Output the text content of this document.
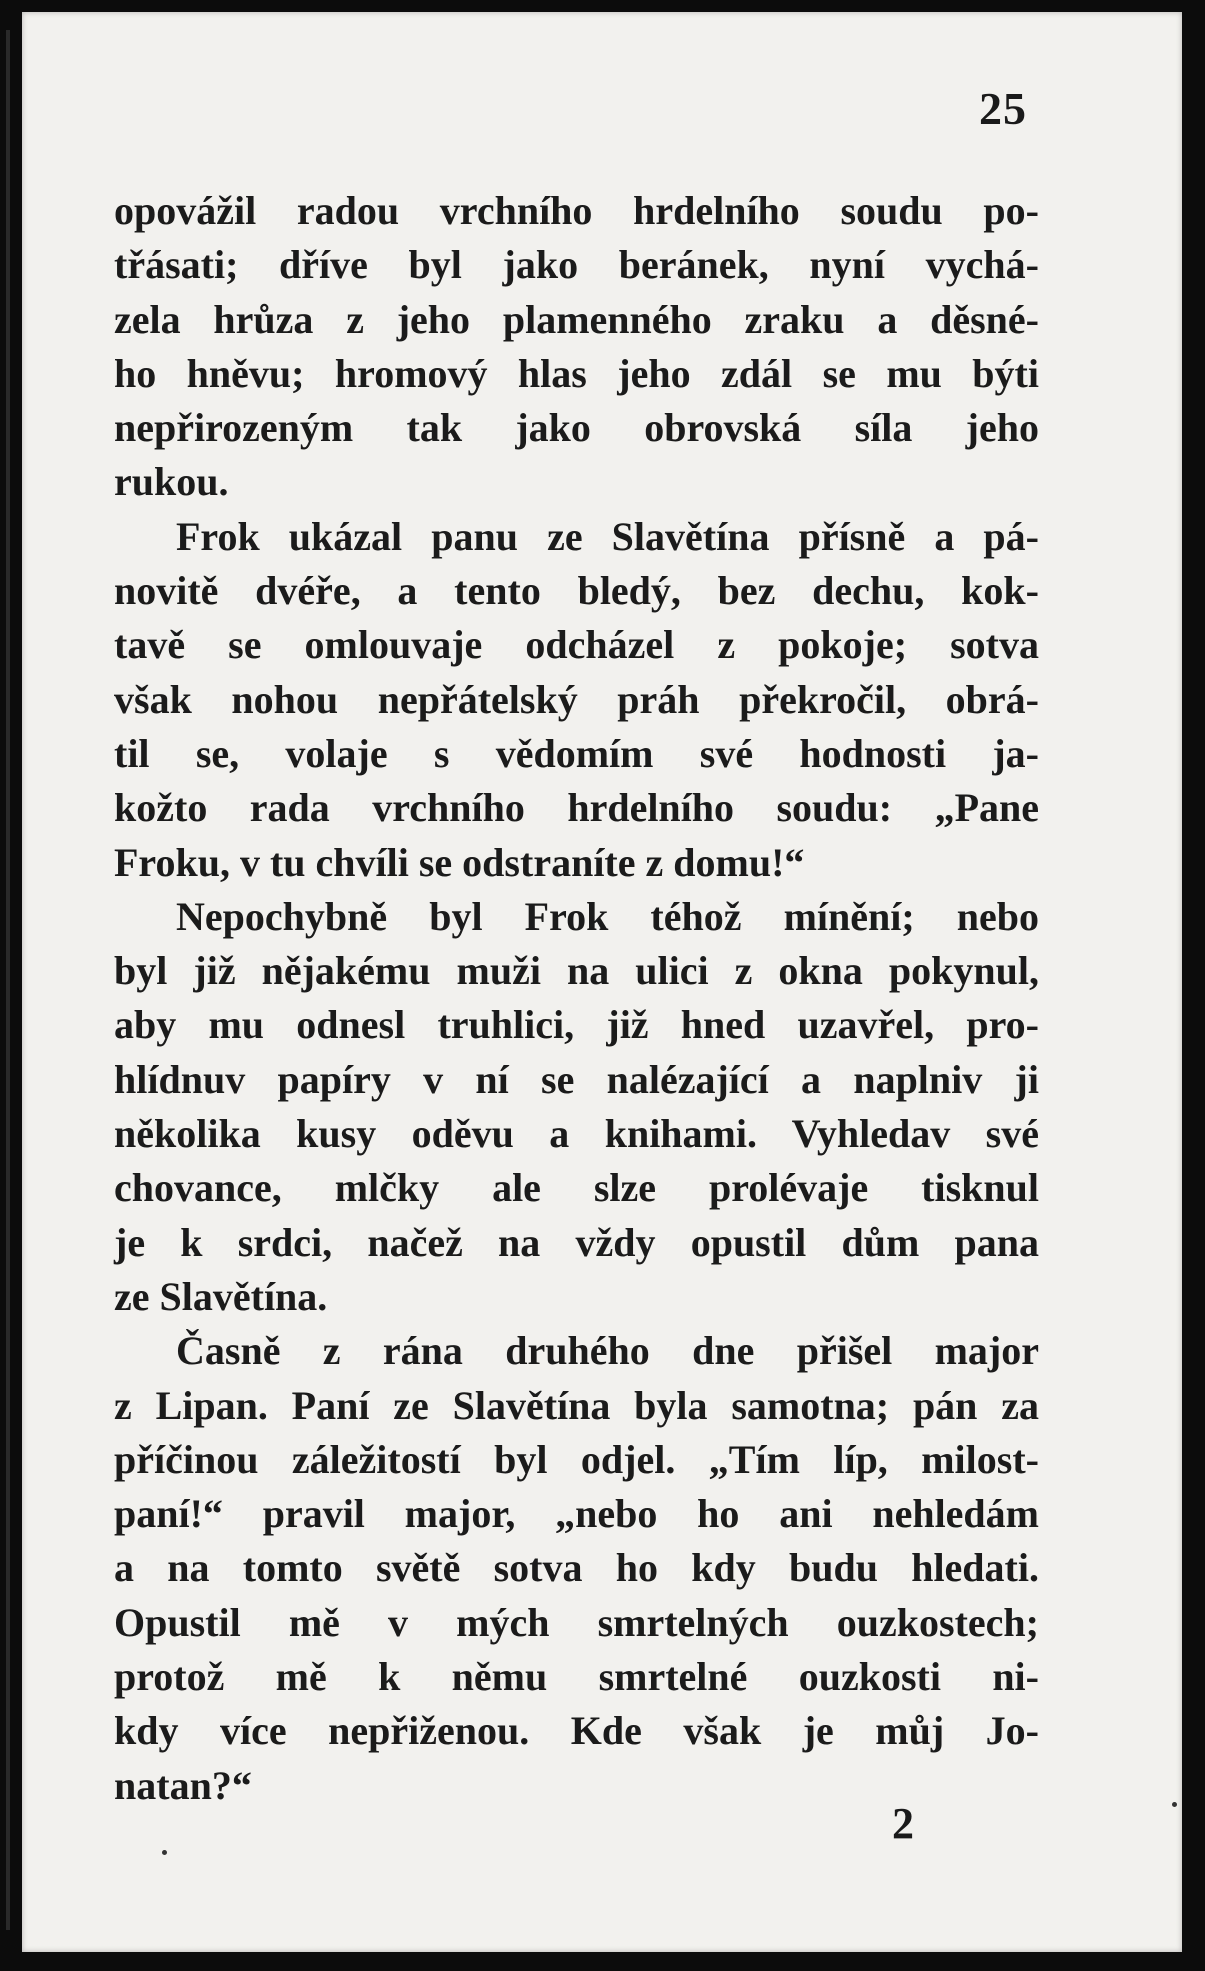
25
opovážil radou vrchního hrdelního soudu po-
třásati; dříve byl jako beránek, nyní vychá-
zela hrůza z jeho plamenného zraku a děsné-
ho hněvu; hromový hlas jeho zdál se mu býti
nepřirozeným tak jako obrovská síla jeho
rukou.
Frok ukázal panu ze Slavětína přísně a pá-
novitě dvéře, a tento bledý, bez dechu, kok-
tavě se omlouvaje odcházel z pokoje; sotva
však nohou nepřátelský práh překročil, obrá-
til se, volaje s vědomím své hodnosti ja-
kožto rada vrchního hrdelního soudu: „Pane
Froku, v tu chvíli se odstraníte z domu!“
Nepochybně byl Frok téhož mínění; nebo
byl již nějakému muži na ulici z okna pokynul,
aby mu odnesl truhlici, již hned uzavřel, pro-
hlídnuv papíry v ní se nalézající a naplniv ji
několika kusy oděvu a knihami. Vyhledav své
chovance, mlčky ale slze prolévaje tisknul
je k srdci, načež na vždy opustil dům pana
ze Slavětína.
Časně z rána druhého dne přišel major
z Lipan. Paní ze Slavětína byla samotna; pán za
příčinou záležitostí byl odjel. „Tím líp, milost-
paní!“ pravil major, „nebo ho ani nehledám
a na tomto světě sotva ho kdy budu hledati.
Opustil mě v mých smrtelných ouzkostech;
protož mě k němu smrtelné ouzkosti ni-
kdy více nepřiženou. Kde však je můj Jo-
natan?“
2
